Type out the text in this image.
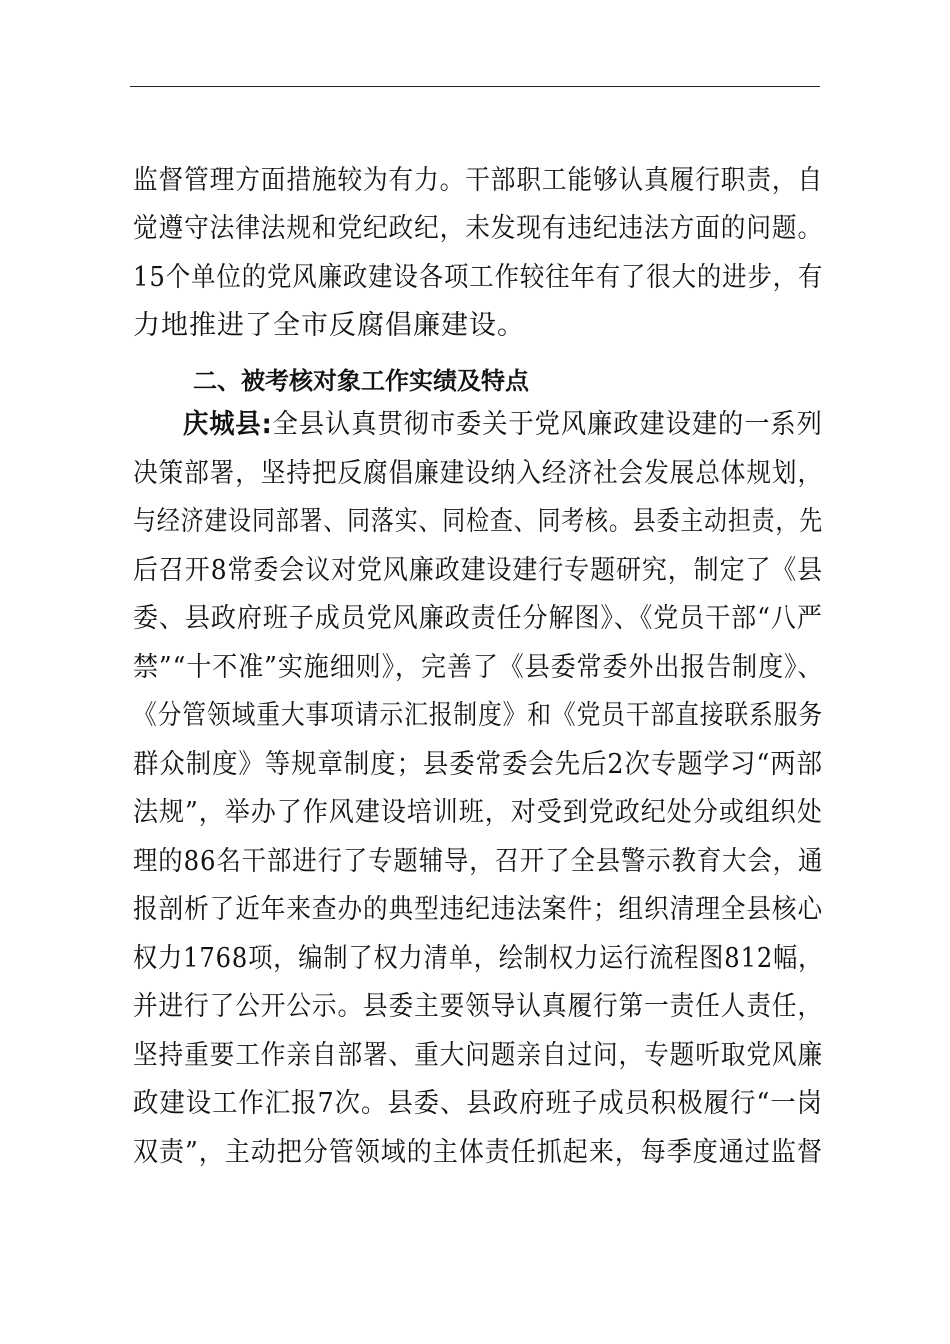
监督管理方面措施较为有力。干部职工能够认真履行职责，自
觉遵守法律法规和党纪政纪，未发现有违纪违法方面的问题。
15个单位的党风廉政建设各项工作较往年有了很大的进步，有
力地推进了全市反腐倡廉建设。
二、被考核对象工作实绩及特点
庆城县:全县认真贯彻市委关于党风廉政建设建的一系列
决策部署，坚持把反腐倡廉建设纳入经济社会发展总体规划，
与经济建设同部署、同落实、同检查、同考核。县委主动担责，先
后召开8常委会议对党风廉政建设建行专题研究，制定了《县
委、县政府班子成员党风廉政责任分解图》、《党员干部“八严
禁”“十不准”实施细则》，完善了《县委常委外出报告制度》、
《分管领域重大事项请示汇报制度》和《党员干部直接联系服务
群众制度》等规章制度；县委常委会先后2次专题学习“两部
法规”，举办了作风建设培训班，对受到党政纪处分或组织处
理的86名干部进行了专题辅导，召开了全县警示教育大会，通
报剖析了近年来查办的典型违纪违法案件；组织清理全县核心
权力1768项，编制了权力清单，绘制权力运行流程图812幅，
并进行了公开公示。县委主要领导认真履行第一责任人责任，
坚持重要工作亲自部署、重大问题亲自过问，专题听取党风廉
政建设工作汇报7次。县委、县政府班子成员积极履行“一岗
双责”，主动把分管领域的主体责任抓起来，每季度通过监督
